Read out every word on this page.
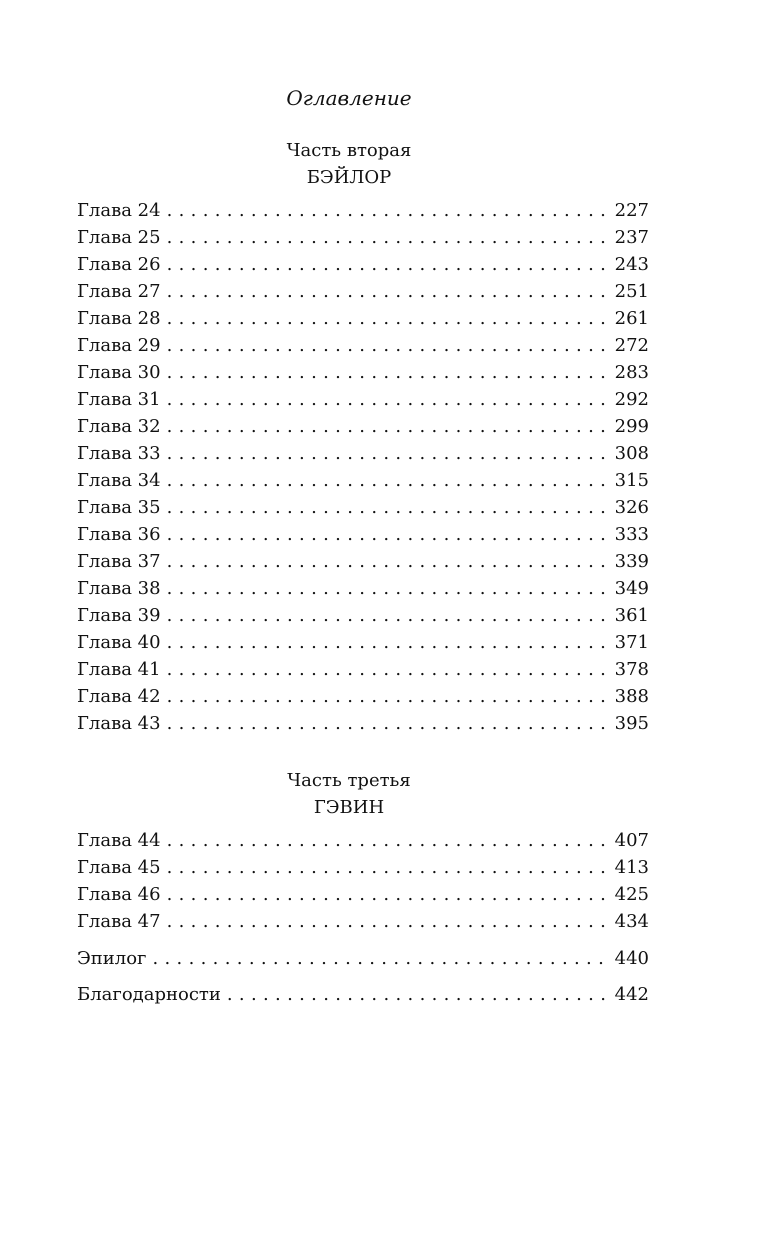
Оглавление
Часть вторая
БЭЙЛОР
Глава 24 . . .	227
Глава 25 . . .	237
Глава 26 . . .	243
Глава 27 . . .	251
Глава 28 . . .	261
Глава 29 . . .	272
Глава 30 . . .	283
Глава 31 . . .	292
Глава 32 . . .	299
Глава 33 . . .	308
Глава 34 . . .	315
Глава 35 . . .	326
Глава 36 . . .	333
Глава 37 . . .	339
Глава 38 . . .	349
Глава 39 . . .	361
Глава 40 . . .	371
Глава 41 . . .	378
Глава 42 . . .	388
Глава 43 . . .	395
Часть третья
ГЭВИН
Глава 44 . . .	407
Глава 45 . . .	413
Глава 46 . . .	425
Глава 47 . . .	434
Эпилог . . .	440
Благодарности . . .	442
